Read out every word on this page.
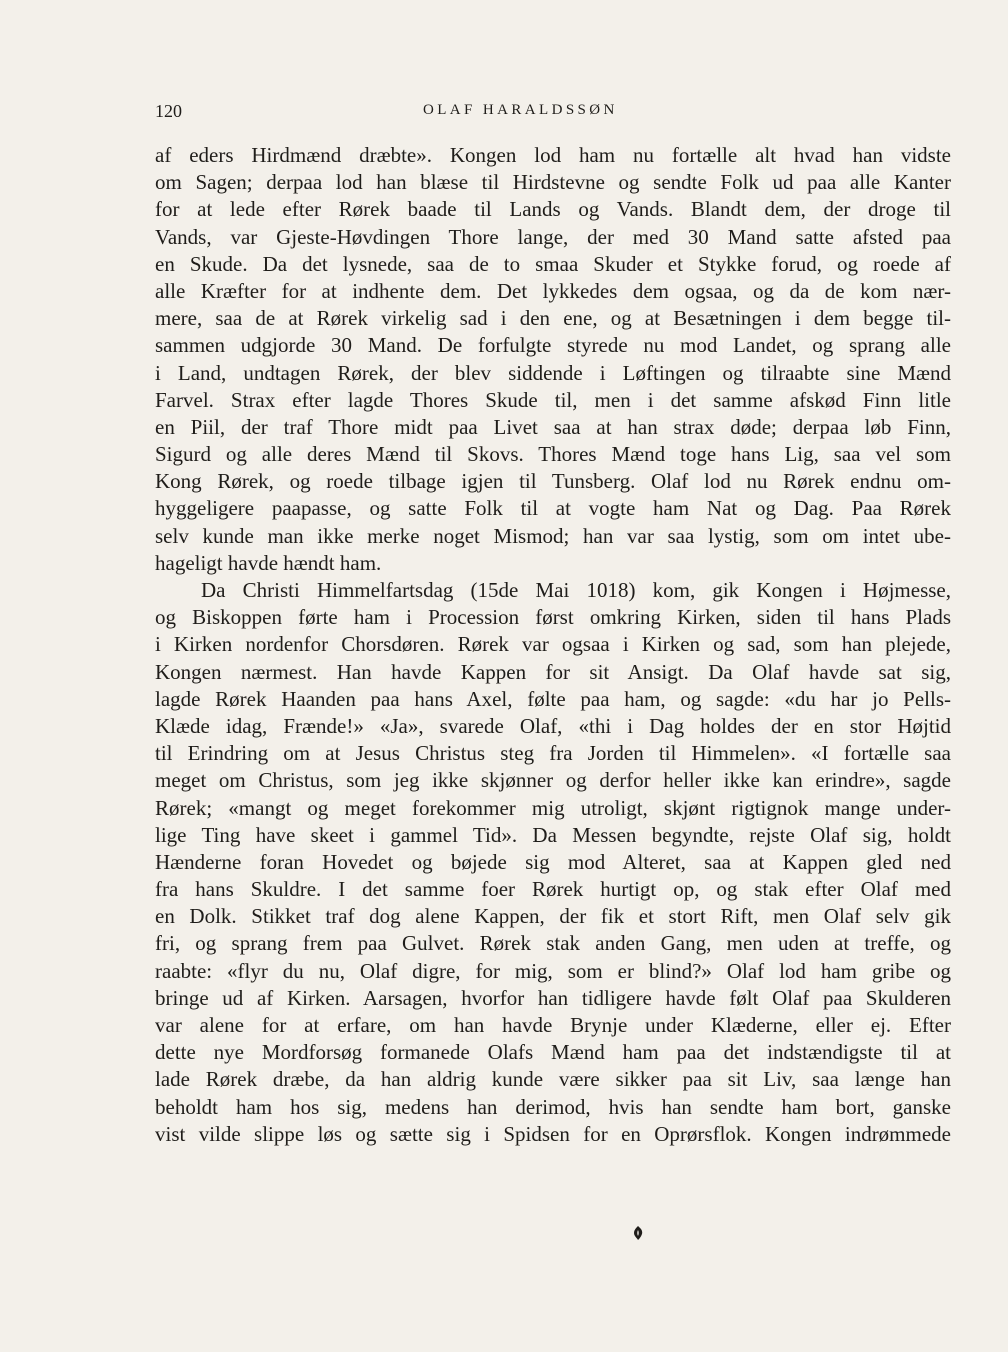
120	OLAF HARALDSSØN
af eders Hirdmænd dræbte». Kongen lod ham nu fortælle alt hvad han vidste
om Sagen; derpaa lod han blæse til Hirdstevne og sendte Folk ud paa alle Kanter
for at lede efter Rørek baade til Lands og Vands. Blandt dem, der droge til
Vands, var Gjeste-Høvdingen Thore lange, der med 30 Mand satte afsted paa
en Skude. Da det lysnede, saa de to smaa Skuder et Stykke forud, og roede af
alle Kræfter for at indhente dem. Det lykkedes dem ogsaa, og da de kom nær-
mere, saa de at Rørek virkelig sad i den ene, og at Besætningen i dem begge til-
sammen udgjorde 30 Mand. De forfulgte styrede nu mod Landet, og sprang alle
i Land, undtagen Rørek, der blev siddende i Løftingen og tilraabte sine Mænd
Farvel. Strax efter lagde Thores Skude til, men i det samme afskød Finn litle
en Piil, der traf Thore midt paa Livet saa at han strax døde; derpaa løb Finn,
Sigurd og alle deres Mænd til Skovs. Thores Mænd toge hans Lig, saa vel som
Kong Rørek, og roede tilbage igjen til Tunsberg. Olaf lod nu Rørek endnu om-
hyggeligere paapasse, og satte Folk til at vogte ham Nat og Dag. Paa Rørek
selv kunde man ikke merke noget Mismod; han var saa lystig, som om intet ube-
hageligt havde hændt ham.
Da Christi Himmelfartsdag (15de Mai 1018) kom, gik Kongen i Højmesse,
og Biskoppen førte ham i Procession først omkring Kirken, siden til hans Plads
i Kirken nordenfor Chorsdøren. Rørek var ogsaa i Kirken og sad, som han plejede,
Kongen nærmest. Han havde Kappen for sit Ansigt. Da Olaf havde sat sig,
lagde Rørek Haanden paa hans Axel, følte paa ham, og sagde: «du har jo Pells-
Klæde idag, Frænde!» «Ja», svarede Olaf, «thi i Dag holdes der en stor Højtid
til Erindring om at Jesus Christus steg fra Jorden til Himmelen». «I fortælle saa
meget om Christus, som jeg ikke skjønner og derfor heller ikke kan erindre», sagde
Rørek; «mangt og meget forekommer mig utroligt, skjønt rigtignok mange under-
lige Ting have skeet i gammel Tid». Da Messen begyndte, rejste Olaf sig, holdt
Hænderne foran Hovedet og bøjede sig mod Alteret, saa at Kappen gled ned
fra hans Skuldre. I det samme foer Rørek hurtigt op, og stak efter Olaf med
en Dolk. Stikket traf dog alene Kappen, der fik et stort Rift, men Olaf selv gik
fri, og sprang frem paa Gulvet. Rørek stak anden Gang, men uden at treffe, og
raabte: «flyr du nu, Olaf digre, for mig, som er blind?» Olaf lod ham gribe og
bringe ud af Kirken. Aarsagen, hvorfor han tidligere havde følt Olaf paa Skulderen
var alene for at erfare, om han havde Brynje under Klæderne, eller ej. Efter
dette nye Mordforsøg formanede Olafs Mænd ham paa det indstændigste til at
lade Rørek dræbe, da han aldrig kunde være sikker paa sit Liv, saa længe han
beholdt ham hos sig, medens han derimod, hvis han sendte ham bort, ganske
vist vilde slippe løs og sætte sig i Spidsen for en Oprørsflok. Kongen indrømmede
